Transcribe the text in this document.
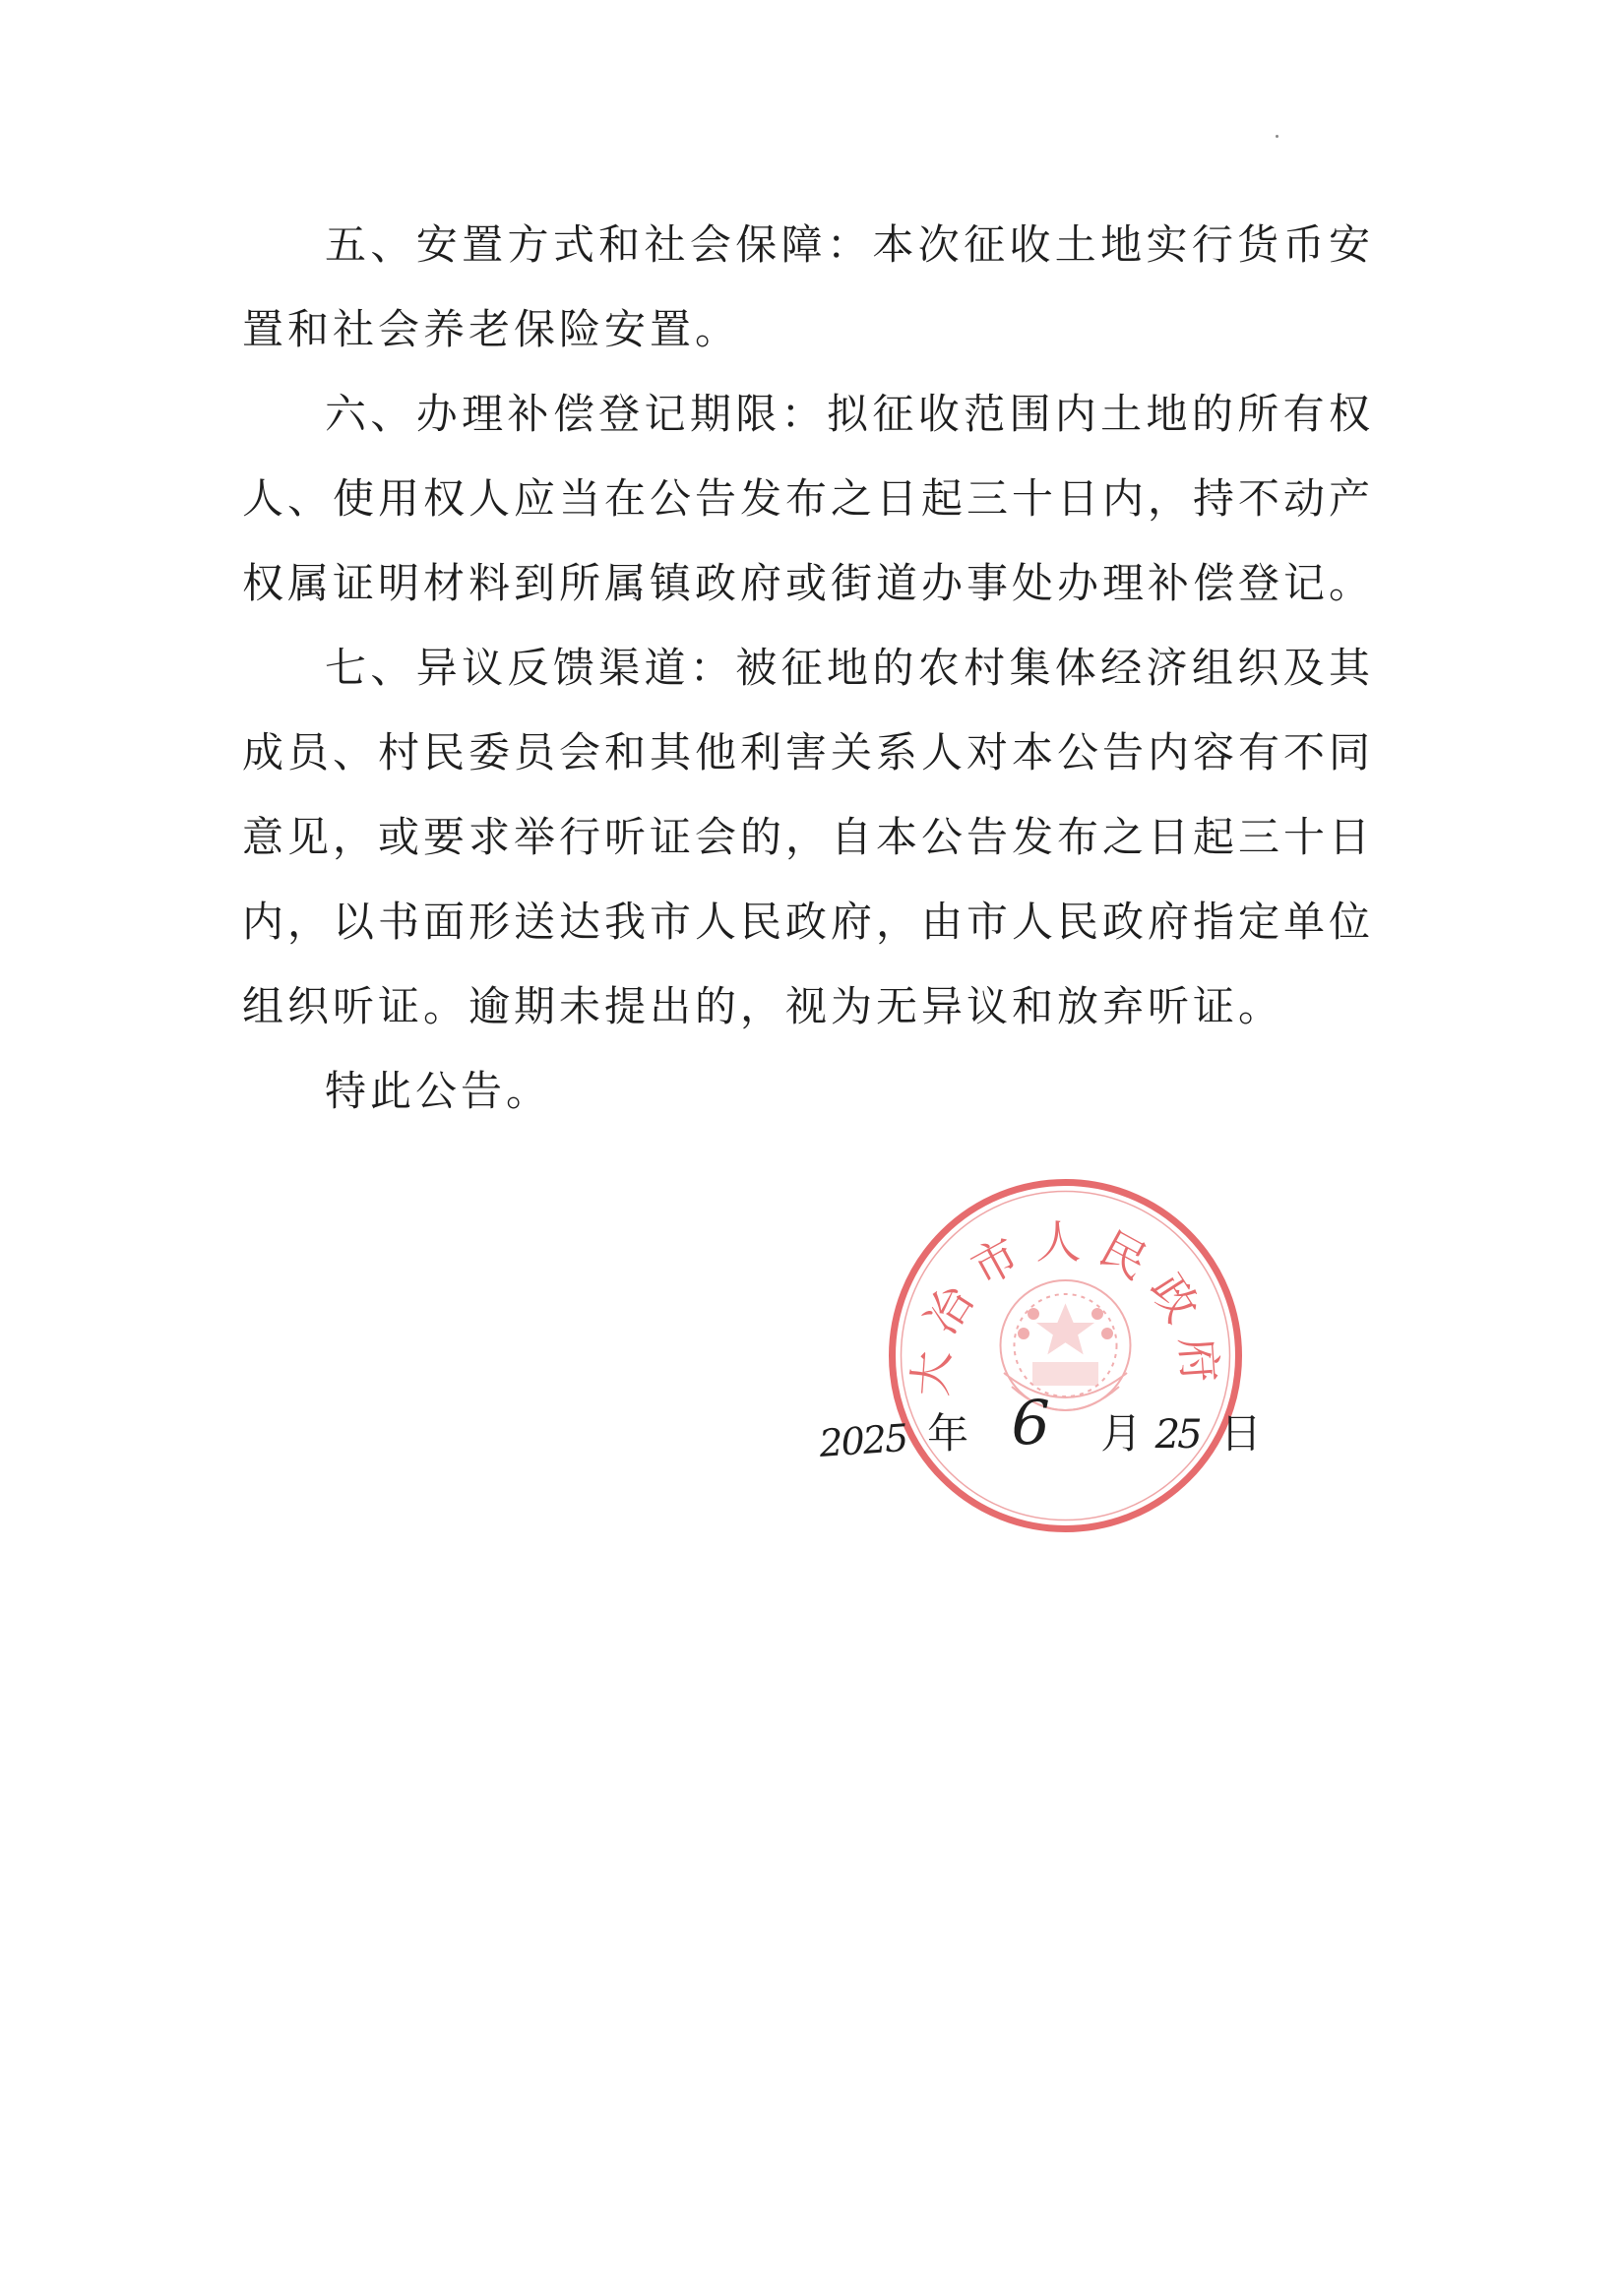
五、安置方式和社会保障：本次征收土地实行货币安置和社会养老保险安置。

六、办理补偿登记期限：拟征收范围内土地的所有权人、使用权人应当在公告发布之日起三十日内，持不动产权属证明材料到所属镇政府或街道办事处办理补偿登记。

七、异议反馈渠道：被征地的农村集体经济组织及其成员、村民委员会和其他利害关系人对本公告内容有不同意见，或要求举行听证会的，自本公告发布之日起三十日内，以书面形送达我市人民政府，由市人民政府指定单位组织听证。逾期未提出的，视为无异议和放弃听证。

特此公告。

大冶市人民政府
2025 年 6 月 25 日
